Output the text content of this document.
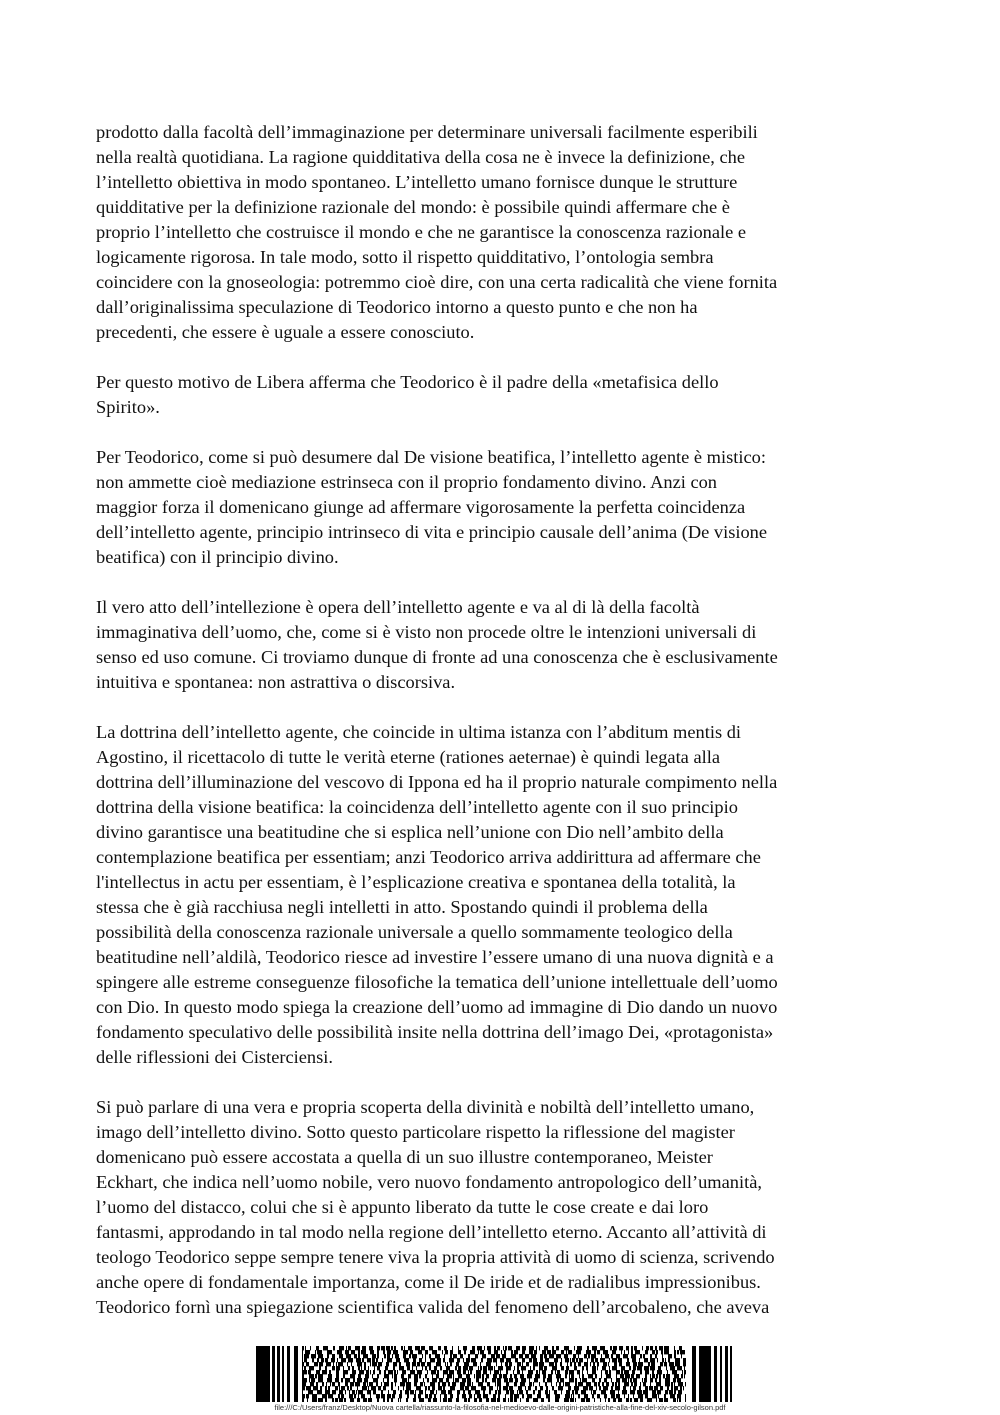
prodotto dalla facoltà dell’immaginazione per determinare universali facilmente esperibili
nella realtà quotidiana. La ragione quidditativa della cosa ne è invece la definizione, che
l’intelletto obiettiva in modo spontaneo. L’intelletto umano fornisce dunque le strutture
quidditative per la definizione razionale del mondo: è possibile quindi affermare che è
proprio l’intelletto che costruisce il mondo e che ne garantisce la conoscenza razionale e
logicamente rigorosa. In tale modo, sotto il rispetto quidditativo, l’ontologia sembra
coincidere con la gnoseologia: potremmo cioè dire, con una certa radicalità che viene fornita
dall’originalissima speculazione di Teodorico intorno a questo punto e che non ha
precedenti, che essere è uguale a essere conosciuto.

Per questo motivo de Libera afferma che Teodorico è il padre della «metafisica dello
Spirito».

Per Teodorico, come si può desumere dal De visione beatifica, l’intelletto agente è mistico:
non ammette cioè mediazione estrinseca con il proprio fondamento divino. Anzi con
maggior forza il domenicano giunge ad affermare vigorosamente la perfetta coincidenza
dell’intelletto agente, principio intrinseco di vita e principio causale dell’anima (De visione
beatifica) con il principio divino.

Il vero atto dell’intellezione è opera dell’intelletto agente e va al di là della facoltà
immaginativa dell’uomo, che, come si è visto non procede oltre le intenzioni universali di
senso ed uso comune. Ci troviamo dunque di fronte ad una conoscenza che è esclusivamente
intuitiva e spontanea: non astrattiva o discorsiva.

La dottrina dell’intelletto agente, che coincide in ultima istanza con l’abditum mentis di
Agostino, il ricettacolo di tutte le verità eterne (rationes aeternae) è quindi legata alla
dottrina dell’illuminazione del vescovo di Ippona ed ha il proprio naturale compimento nella
dottrina della visione beatifica: la coincidenza dell’intelletto agente con il suo principio
divino garantisce una beatitudine che si esplica nell’unione con Dio nell’ambito della
contemplazione beatifica per essentiam; anzi Teodorico arriva addirittura ad affermare che
l'intellectus in actu per essentiam, è l’esplicazione creativa e spontanea della totalità, la
stessa che è già racchiusa negli intelletti in atto. Spostando quindi il problema della
possibilità della conoscenza razionale universale a quello sommamente teologico della
beatitudine nell’aldilà, Teodorico riesce ad investire l’essere umano di una nuova dignità e a
spingere alle estreme conseguenze filosofiche la tematica dell’unione intellettuale dell’uomo
con Dio. In questo modo spiega la creazione dell’uomo ad immagine di Dio dando un nuovo
fondamento speculativo delle possibilità insite nella dottrina dell’imago Dei, «protagonista»
delle riflessioni dei Cisterciensi.

Si può parlare di una vera e propria scoperta della divinità e nobiltà dell’intelletto umano,
imago dell’intelletto divino. Sotto questo particolare rispetto la riflessione del magister
domenicano può essere accostata a quella di un suo illustre contemporaneo, Meister
Eckhart, che indica nell’uomo nobile, vero nuovo fondamento antropologico dell’umanità,
l’uomo del distacco, colui che si è appunto liberato da tutte le cose create e dai loro
fantasmi, approdando in tal modo nella regione dell’intelletto eterno. Accanto all’attività di
teologo Teodorico seppe sempre tenere viva la propria attività di uomo di scienza, scrivendo
anche opere di fondamentale importanza, come il De iride et de radialibus impressionibus.
Teodorico fornì una spiegazione scientifica valida del fenomeno dell’arcobaleno, che aveva

file:///C:/Users/franz/Desktop/Nuova cartella/riassunto-la-filosofia-nel-medioevo-dalle-origini-patristiche-alla-fine-del-xiv-secolo-gilson.pdf
